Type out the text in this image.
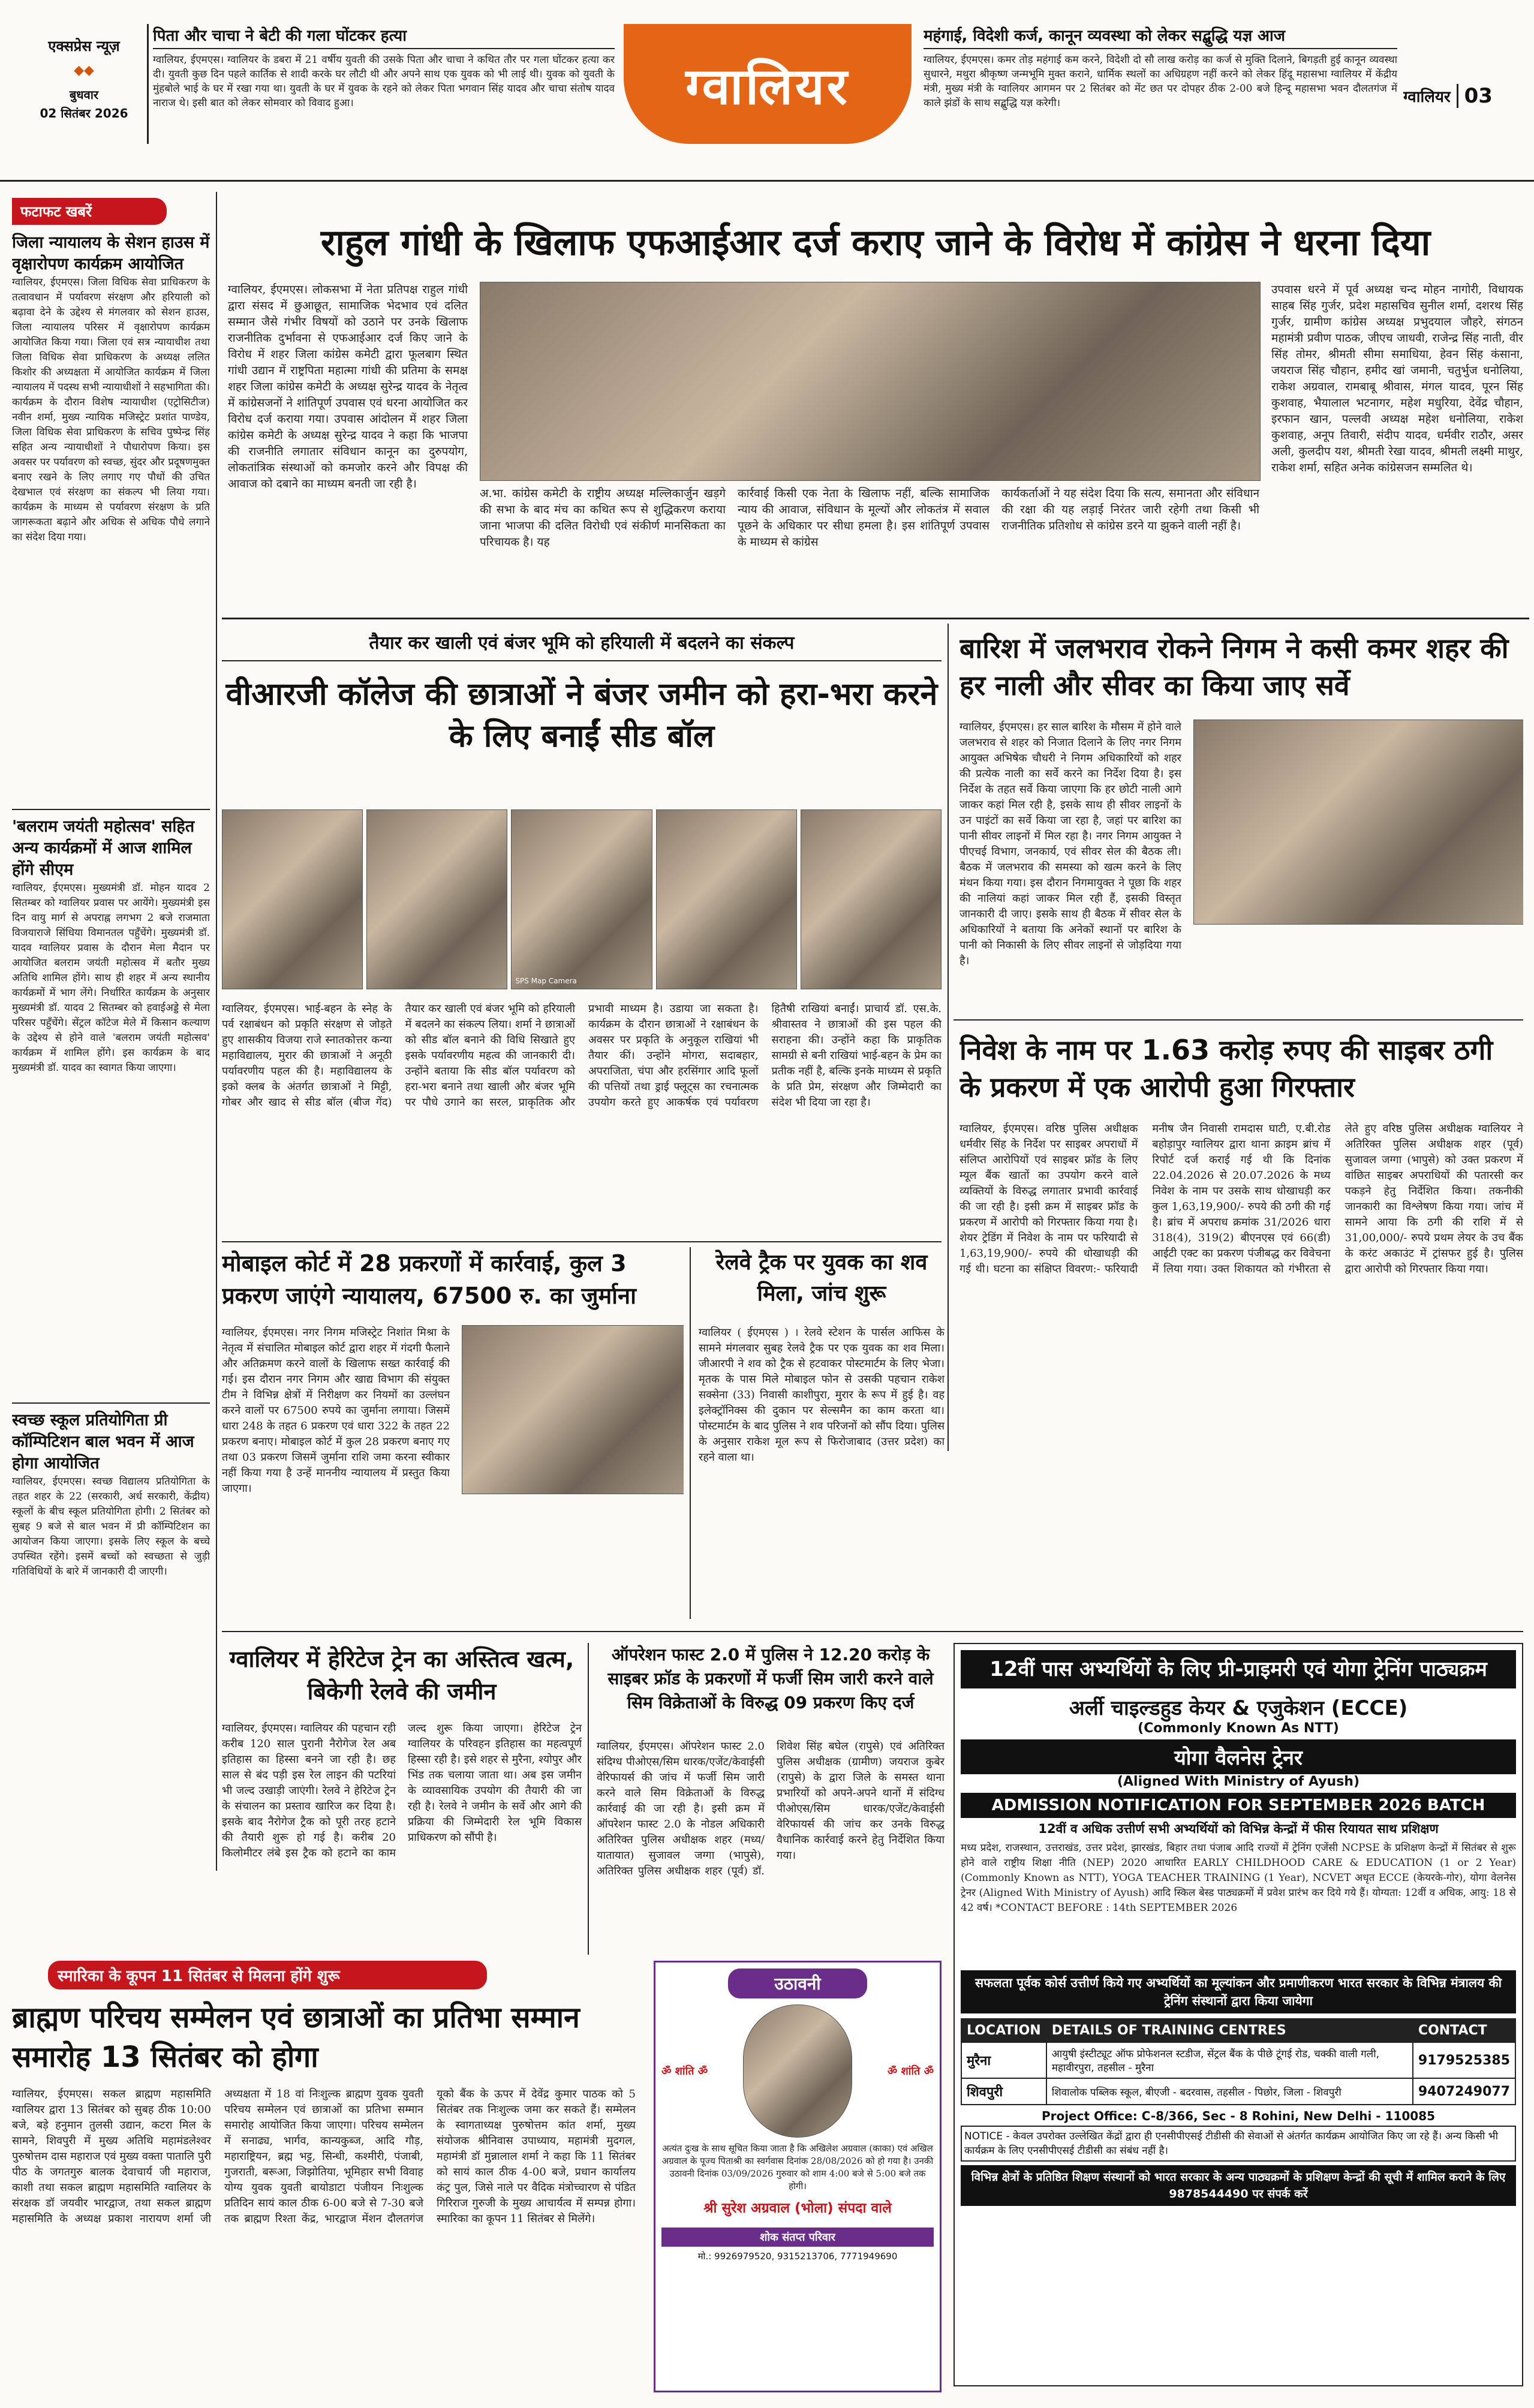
एक्सप्रेस न्यूज़
◆◆
बुधवार
02 सितंबर 2026
पिता और चाचा ने बेटी की गला घोंटकर हत्या
ग्वालियर, ईएमएस। ग्वालियर के डबरा में 21 वर्षीय युवती की उसके पिता और चाचा ने कथित तौर पर गला घोंटकर हत्या कर दी। युवती कुछ दिन पहले कार्तिक से शादी करके घर लौटी थी और अपने साथ एक युवक को भी लाई थी। युवक को युवती के मुंहबोले भाई के घर में रखा गया था। युवती के घर में युवक के रहने को लेकर पिता भगवान सिंह यादव और चाचा संतोष यादव नाराज थे। इसी बात को लेकर सोमवार को विवाद हुआ।	ग्वालियर
महंगाई, विदेशी कर्ज, कानून व्यवस्था को लेकर सद्बुद्धि यज्ञ आज
ग्वालियर, ईएमएस। कमर तोड़ महंगाई कम करने, विदेशी दो सौ लाख करोड़ का कर्ज से मुक्ति दिलाने, बिगड़ती हुई कानून व्यवस्था सुधारने, मथुरा श्रीकृष्ण जन्मभूमि मुक्त कराने, धार्मिक स्थलों का अधिग्रहण नहीं करने को लेकर हिंदू महासभा ग्वालियर में केंद्रीय मंत्री, मुख्य मंत्री के ग्वालियर आगमन पर 2 सितंबर को मेंट छत पर दोपहर ठीक 2-00 बजे हिन्दू महासभा भवन दौलतगंज में काले झंडों के साथ सद्बुद्धि यज्ञ करेगी।	ग्वालियर 03
फटाफट खबरें
जिला न्यायालय के सेशन हाउस में वृक्षारोपण कार्यक्रम आयोजित
ग्वालियर, ईएमएस। जिला विधिक सेवा प्राधिकरण के तत्वावधान में पर्यावरण संरक्षण और हरियाली को बढ़ावा देने के उद्देश्य से मंगलवार को सेशन हाउस, जिला न्यायालय परिसर में वृक्षारोपण कार्यक्रम आयोजित किया गया। जिला एवं सत्र न्यायाधीश तथा जिला विधिक सेवा प्राधिकरण के अध्यक्ष ललित किशोर की अध्यक्षता में आयोजित कार्यक्रम में जिला न्यायालय में पदस्थ सभी न्यायाधीशों ने सहभागिता की। कार्यक्रम के दौरान विशेष न्यायाधीश (एट्रोसिटीज) नवीन शर्मा, मुख्य न्यायिक मजिस्ट्रेट प्रशांत पाण्डेय, जिला विधिक सेवा प्राधिकरण के सचिव पुष्पेन्द्र सिंह सहित अन्य न्यायाधीशों ने पौधारोपण किया। इस अवसर पर पर्यावरण को स्वच्छ, सुंदर और प्रदूषणमुक्त बनाए रखने के लिए लगाए गए पौधों की उचित देखभाल एवं संरक्षण का संकल्प भी लिया गया। कार्यक्रम के माध्यम से पर्यावरण संरक्षण के प्रति जागरूकता बढ़ाने और अधिक से अधिक पौधे लगाने का संदेश दिया गया।
'बलराम जयंती महोत्सव' सहित अन्य कार्यक्रमों में आज शामिल होंगे सीएम
ग्वालियर, ईएमएस। मुख्यमंत्री डॉ. मोहन यादव 2 सितम्बर को ग्वालियर प्रवास पर आयेंगे। मुख्यमंत्री इस दिन वायु मार्ग से अपराह्न लगभग 2 बजे राजमाता विजयाराजे सिंधिया विमानतल पहुँचेंगे। मुख्यमंत्री डॉ. यादव ग्वालियर प्रवास के दौरान मेला मैदान पर आयोजित बलराम जयंती महोत्सव में बतौर मुख्य अतिथि शामिल होंगे। साथ ही शहर में अन्य स्थानीय कार्यक्रमों में भाग लेंगे। निर्धारित कार्यक्रम के अनुसार मुख्यमंत्री डॉ. यादव 2 सितम्बर को हवाईअड्डे से मेला परिसर पहुँचेंगे। सेंट्रल कॉटेज मेले में किसान कल्याण के उद्देश्य से होने वाले 'बलराम जयंती महोत्सव' कार्यक्रम में शामिल होंगे। इस कार्यक्रम के बाद मुख्यमंत्री डॉ. यादव का स्वागत किया जाएगा।
स्वच्छ स्कूल प्रतियोगिता प्री कॉम्पिटिशन बाल भवन में आज होगा आयोजित
ग्वालियर, ईएमएस। स्वच्छ विद्यालय प्रतियोगिता के तहत शहर के 22 (सरकारी, अर्ध सरकारी, केंद्रीय) स्कूलों के बीच स्कूल प्रतियोगिता होगी। 2 सितंबर को सुबह 9 बजे से बाल भवन में प्री कॉम्पिटिशन का आयोजन किया जाएगा। इसके लिए स्कूल के बच्चे उपस्थित रहेंगे। इसमें बच्चों को स्वच्छता से जुड़ी गतिविधियों के बारे में जानकारी दी जाएगी।
राहुल गांधी के खिलाफ एफआईआर दर्ज कराए जाने के विरोध में कांग्रेस ने धरना दिया
ग्वालियर, ईएमएस। लोकसभा में नेता प्रतिपक्ष राहुल गांधी द्वारा संसद में छुआछूत, सामाजिक भेदभाव एवं दलित सम्मान जैसे गंभीर विषयों को उठाने पर उनके खिलाफ राजनीतिक दुर्भावना से एफआईआर दर्ज किए जाने के विरोध में शहर जिला कांग्रेस कमेटी द्वारा फूलबाग स्थित गांधी उद्यान में राष्ट्रपिता महात्मा गांधी की प्रतिमा के समक्ष शहर जिला कांग्रेस कमेटी के अध्यक्ष सुरेन्द्र यादव के नेतृत्व में कांग्रेसजनों ने शांतिपूर्ण उपवास एवं धरना आयोजित कर विरोध दर्ज कराया गया। उपवास आंदोलन में शहर जिला कांग्रेस कमेटी के अध्यक्ष सुरेन्द्र यादव ने कहा कि भाजपा की राजनीति लगातार संविधान कानून का दुरुपयोग, लोकतांत्रिक संस्थाओं को कमजोर करने और विपक्ष की आवाज को दबाने का माध्यम बनती जा रही है।
अ.भा. कांग्रेस कमेटी के राष्ट्रीय अध्यक्ष मल्लिकार्जुन खड़गे की सभा के बाद मंच का कथित रूप से शुद्धिकरण कराया जाना भाजपा की दलित विरोधी एवं संकीर्ण मानसिकता का परिचायक है। यह
कार्रवाई किसी एक नेता के खिलाफ नहीं, बल्कि सामाजिक न्याय की आवाज, संविधान के मूल्यों और लोकतंत्र में सवाल पूछने के अधिकार पर सीधा हमला है। इस शांतिपूर्ण उपवास के माध्यम से कांग्रेस
कार्यकर्ताओं ने यह संदेश दिया कि सत्य, समानता और संविधान की रक्षा की यह लड़ाई निरंतर जारी रहेगी तथा किसी भी राजनीतिक प्रतिशोध से कांग्रेस डरने या झुकने वाली नहीं है।
उपवास धरने में पूर्व अध्यक्ष चन्द मोहन नागोरी, विधायक साहब सिंह गुर्जर, प्रदेश महासचिव सुनील शर्मा, दशरथ सिंह गुर्जर, ग्रामीण कांग्रेस अध्यक्ष प्रभुदयाल जौहरे, संगठन महामंत्री प्रवीण पाठक, जीएच जाधवी, राजेन्द्र सिंह नाती, वीर सिंह तोमर, श्रीमती सीमा समाधिया, हेवन सिंह कंसाना, जयराज सिंह चौहान, हमीद खां जमानी, चतुर्भुज धनोलिया, राकेश अग्रवाल, रामबाबू श्रीवास, मंगल यादव, पूरन सिंह कुशवाह, भैयालाल भटनागर, महेश मधुरिया, देवेंद्र चौहान, इरफान खान, पल्लवी अध्यक्ष महेश धनोलिया, राकेश कुशवाह, अनूप तिवारी, संदीप यादव, धर्मवीर राठौर, असर अली, कुलदीप यश, श्रीमती रेखा यादव, श्रीमती लक्ष्मी माथुर, राकेश शर्मा, सहित अनेक कांग्रेसजन सम्मलित थे।
तैयार कर खाली एवं बंजर भूमि को हरियाली में बदलने का संकल्प
वीआरजी कॉलेज की छात्राओं ने बंजर जमीन को हरा-भरा करने के लिए बनाईं सीड बॉल
SPS Map Camera
ग्वालियर, ईएमएस। भाई-बहन के स्नेह के पर्व रक्षाबंधन को प्रकृति संरक्षण से जोड़ते हुए शासकीय विजया राजे स्नातकोत्तर कन्या महाविद्यालय, मुरार की छात्राओं ने अनूठी पर्यावरणीय पहल की है। महाविद्यालय के इको क्लब के अंतर्गत छात्राओं ने मिट्टी, गोबर और खाद से सीड बॉल (बीज गेंद) तैयार कर खाली एवं बंजर भूमि को हरियाली में बदलने का संकल्प लिया। शर्मा ने छात्राओं को सीड बॉल बनाने की विधि सिखाते हुए इसके पर्यावरणीय महत्व की जानकारी दी। उन्होंने बताया कि सीड बॉल पर्यावरण को हरा-भरा बनाने तथा खाली और बंजर भूमि पर पौधे उगाने का सरल, प्राकृतिक और प्रभावी माध्यम है। उडाया जा सकता है। कार्यक्रम के दौरान छात्राओं ने रक्षाबंधन के अवसर पर प्रकृति के अनुकूल राखियां भी तैयार कीं। उन्होंने मोगरा, सदाबहार, अपराजिता, चंपा और हरसिंगार आदि फूलों की पत्तियों तथा ड्राई फ्लूट्स का रचनात्मक उपयोग करते हुए आकर्षक एवं पर्यावरण हितैषी राखियां बनाईं। प्राचार्य डॉ. एस.के. श्रीवास्तव ने छात्राओं की इस पहल की सराहना की। उन्होंने कहा कि प्राकृतिक सामग्री से बनी राखियां भाई-बहन के प्रेम का प्रतीक नहीं है, बल्कि इनके माध्यम से प्रकृति के प्रति प्रेम, संरक्षण और जिम्मेदारी का संदेश भी दिया जा रहा है।
बारिश में जलभराव रोकने निगम ने कसी कमर शहर की हर नाली और सीवर का किया जाए सर्वे
ग्वालियर, ईएमएस। हर साल बारिश के मौसम में होने वाले जलभराव से शहर को निजात दिलाने के लिए नगर निगम आयुक्त अभिषेक चौधरी ने निगम अधिकारियों को शहर की प्रत्येक नाली का सर्वे करने का निर्देश दिया है। इस निर्देश के तहत सर्वे किया जाएगा कि हर छोटी नाली आगे जाकर कहां मिल रही है, इसके साथ ही सीवर लाइनों के उन पाइंटों का सर्वे किया जा रहा है, जहां पर बारिश का पानी सीवर लाइनों में मिल रहा है। नगर निगम आयुक्त ने पीएचई विभाग, जनकार्य, एवं सीवर सेल की बैठक ली। बैठक में जलभराव की समस्या को खत्म करने के लिए मंथन किया गया। इस दौरान निगमायुक्त ने पूछा कि शहर की नालियां कहां जाकर मिल रही हैं, इसकी विस्तृत जानकारी दी जाए। इसके साथ ही बैठक में सीवर सेल के अधिकारियों ने बताया कि अनेकों स्थानों पर बारिश के पानी को निकासी के लिए सीवर लाइनों से जोड़दिया गया है।
निवेश के नाम पर 1.63 करोड़ रुपए की साइबर ठगी के प्रकरण में एक आरोपी हुआ गिरफ्तार
ग्वालियर, ईएमएस। वरिष्ठ पुलिस अधीक्षक धर्मवीर सिंह के निर्देश पर साइबर अपराधों में संलिप्त आरोपियों एवं साइबर फ्रॉड के लिए म्यूल बैंक खातों का उपयोग करने वाले व्यक्तियों के विरुद्ध लगातार प्रभावी कार्रवाई की जा रही है। इसी क्रम में साइबर फ्रॉड के प्रकरण में आरोपी को गिरफ्तार किया गया है। शेयर ट्रेडिंग में निवेश के नाम पर फरियादी से 1,63,19,900/- रुपये की धोखाधड़ी की गई थी। घटना का संक्षिप्त विवरण:- फरियादी मनीष जैन निवासी रामदास घाटी, ए.बी.रोड बहोड़ापुर ग्वालियर द्वारा थाना क्राइम ब्रांच में रिपोर्ट दर्ज कराई गई थी कि दिनांक 22.04.2026 से 20.07.2026 के मध्य निवेश के नाम पर उसके साथ धोखाधड़ी कर कुल 1,63,19,900/- रुपये की ठगी की गई है। ब्रांच में अपराध क्रमांक 31/2026 धारा 318(4), 319(2) बीएनएस एवं 66(डी) आईटी एक्ट का प्रकरण पंजीबद्ध कर विवेचना में लिया गया। उक्त शिकायत को गंभीरता से लेते हुए वरिष्ठ पुलिस अधीक्षक ग्वालियर ने अतिरिक्त पुलिस अधीक्षक शहर (पूर्व) सुजावल जग्गा (भापुसे) को उक्त प्रकरण में वांछित साइबर अपराधियों की पतारसी कर पकड़ने हेतु निर्देशित किया। तकनीकी जानकारी का विश्लेषण किया गया। जांच में सामने आया कि ठगी की राशि में से 31,00,000/- रुपये प्रथम लेयर के उच बैंक के करंट अकाउंट में ट्रांसफर हुई है। पुलिस द्वारा आरोपी को गिरफ्तार किया गया।
मोबाइल कोर्ट में 28 प्रकरणों में कार्रवाई, कुल 3 प्रकरण जाएंगे न्यायालय, 67500 रु. का जुर्माना
ग्वालियर, ईएमएस। नगर निगम मजिस्ट्रेट निशांत मिश्रा के नेतृत्व में संचालित मोबाइल कोर्ट द्वारा शहर में गंदगी फैलाने और अतिक्रमण करने वालों के खिलाफ सख्त कार्रवाई की गई। इस दौरान नगर निगम और खाद्य विभाग की संयुक्त टीम ने विभिन्न क्षेत्रों में निरीक्षण कर नियमों का उल्लंघन करने वालों पर 67500 रुपये का जुर्माना लगाया। जिसमें धारा 248 के तहत 6 प्रकरण एवं धारा 322 के तहत 22 प्रकरण बनाए। मोबाइल कोर्ट में कुल 28 प्रकरण बनाए गए तथा 03 प्रकरण जिसमें जुर्माना राशि जमा करना स्वीकार नहीं किया गया है उन्हें माननीय न्यायालय में प्रस्तुत किया जाएगा।
रेलवे ट्रैक पर युवक का शव मिला, जांच शुरू
ग्वालियर ( ईएमएस ) । रेलवे स्टेशन के पार्सल आफिस के सामने मंगलवार सुबह रेलवे ट्रैक पर एक युवक का शव मिला। जीआरपी ने शव को ट्रैक से हटवाकर पोस्टमार्टम के लिए भेजा। मृतक के पास मिले मोबाइल फोन से उसकी पहचान राकेश सक्सेना (33) निवासी काशीपुरा, मुरार के रूप में हुई है। वह इलेक्ट्रॉनिक्स की दुकान पर सेल्समैन का काम करता था। पोस्टमार्टम के बाद पुलिस ने शव परिजनों को सौंप दिया। पुलिस के अनुसार राकेश मूल रूप से फिरोजाबाद (उत्तर प्रदेश) का रहने वाला था।
ग्वालियर में हेरिटेज ट्रेन का अस्तित्व खत्म, बिकेगी रेलवे की जमीन
ग्वालियर, ईएमएस। ग्वालियर की पहचान रही करीब 120 साल पुरानी नैरोगेज रेल अब इतिहास का हिस्सा बनने जा रही है। छह साल से बंद पड़ी इस रेल लाइन की पटरियां भी जल्द उखाड़ी जाएंगी। रेलवे ने हेरिटेज ट्रेन के संचालन का प्रस्ताव खारिज कर दिया है। इसके बाद नैरोगेज ट्रैक को पूरी तरह हटाने की तैयारी शुरू हो गई है। करीब 20 किलोमीटर लंबे इस ट्रैक को हटाने का काम जल्द शुरू किया जाएगा। हेरिटेज ट्रेन ग्वालियर के परिवहन इतिहास का महत्वपूर्ण हिस्सा रही है। इसे शहर से मुरैना, श्योपुर और भिंड तक चलाया जाता था। अब इस जमीन के व्यावसायिक उपयोग की तैयारी की जा रही है। रेलवे ने जमीन के सर्वे और आगे की प्रक्रिया की जिम्मेदारी रेल भूमि विकास प्राधिकरण को सौंपी है।
ऑपरेशन फास्ट 2.0 में पुलिस ने 12.20 करोड़ के साइबर फ्रॉड के प्रकरणों में फर्जी सिम जारी करने वाले सिम विक्रेताओं के विरुद्ध 09 प्रकरण किए दर्ज
ग्वालियर, ईएमएस। ऑपरेशन फास्ट 2.0 संदिग्ध पीओएस/सिम धारक/एजेंट/केवाईसी वेरिफायर्स की जांच में फर्जी सिम जारी करने वाले सिम विक्रेताओं के विरुद्ध कार्रवाई की जा रही है। इसी क्रम में ऑपरेशन फास्ट 2.0 के नोडल अधिकारी अतिरिक्त पुलिस अधीक्षक शहर (मध्य/यातायात) सुजावल जग्गा (भापुसे), अतिरिक्त पुलिस अधीक्षक शहर (पूर्व) डॉ. शिवेश सिंह बघेल (रापुसे) एवं अतिरिक्त पुलिस अधीक्षक (ग्रामीण) जयराज कुबेर (रापुसे) के द्वारा जिले के समस्त थाना प्रभारियों को अपने-अपने थानों में संदिग्ध पीओएस/सिम धारक/एजेंट/केवाईसी वेरिफायर्स की जांच कर उनके विरुद्ध वैधानिक कार्रवाई करने हेतु निर्देशित किया गया।
12वीं पास अभ्यर्थियों के लिए प्री-प्राइमरी एवं योगा ट्रेनिंग पाठ्यक्रम
अर्ली चाइल्डहुड केयर & एजुकेशन (ECCE)
(Commonly Known As NTT)
योगा वैलनेस ट्रेनर
(Aligned With Ministry of Ayush)
ADMISSION NOTIFICATION FOR SEPTEMBER 2026 BATCH
12वीं व अधिक उत्तीर्ण सभी अभ्यर्थियों को विभिन्न केन्द्रों में फीस रियायत साथ प्रशिक्षण
मध्य प्रदेश, राजस्थान, उत्तराखंड, उत्तर प्रदेश, झारखंड, बिहार तथा पंजाब आदि राज्यों में ट्रेनिंग एजेंसी NCPSE के प्रशिक्षण केन्द्रों में सितंबर से शुरू होने वाले राष्ट्रीय शिक्षा नीति (NEP) 2020 आधारित EARLY CHILDHOOD CARE & EDUCATION (1 or 2 Year) (Commonly Known as NTT), YOGA TEACHER TRAINING (1 Year), NCVET अधृत ECCE (केयरके-गोर), योगा वेलनेस ट्रेनर (Aligned With Ministry of Ayush) आदि स्किल बेस्ड पाठ्यक्रमों में प्रवेश प्रारंभ कर दिये गये हैं। योग्यता: 12वीं व अधिक, आयु: 18 से 42 वर्ष। *CONTACT BEFORE : 14th SEPTEMBER 2026
सफलता पूर्वक कोर्स उत्तीर्ण किये गए अभ्यर्थियों का मूल्यांकन और प्रमाणीकरण भारत सरकार के विभिन्न मंत्रालय की ट्रेनिंग संस्थानों द्वारा किया जायेगा
LOCATION	DETAILS OF TRAINING CENTRES	CONTACT
मुरैना	आयुषी इंस्टीट्यूट ऑफ प्रोफेशनल स्टडीज, सेंट्रल बैंक के पीछे टूंगई रोड, चक्की वाली गली, महावीरपुरा, तहसील - मुरैना	9179525385
शिवपुरी	शिवालोक पब्लिक स्कूल, बीएजी - बदरवास, तहसील - पिछोर, जिला - शिवपुरी	9407249077
Project Office: C-8/366, Sec - 8 Rohini, New Delhi - 110085
NOTICE - केवल उपरोक्त उल्लेखित केंद्रों द्वारा ही एनसीपीएसई टीडीसी की सेवाओं से अंतर्गत कार्यक्रम आयोजित किए जा रहे हैं। अन्य किसी भी कार्यक्रम के लिए एनसीपीएसई टीडीसी का संबंध नहीं है।
विभिन्न क्षेत्रों के प्रतिष्ठित शिक्षण संस्थानों को भारत सरकार के अन्य पाठ्यक्रमों के प्रशिक्षण केन्द्रों की सूची में शामिल कराने के लिए 9878544490 पर संपर्क करें
स्मारिका के कूपन 11 सितंबर से मिलना होंगे शुरू
ब्राह्मण परिचय सम्मेलन एवं छात्राओं का प्रतिभा सम्मान समारोह 13 सितंबर को होगा
ग्वालियर, ईएमएस। सकल ब्राह्मण महासमिति ग्वालियर द्वारा 13 सितंबर को सुबह ठीक 10:00 बजे, बड़े हनुमान तुलसी उद्यान, कटरा मिल के सामने, शिवपुरी में मुख्य अतिथि महामंडलेश्वर पुरुषोत्तम दास महाराज एवं मुख्य वक्ता पातालि पुरी पीठ के जगतगुरु बालक देवाचार्य जी महाराज, काशी तथा सकल ब्राह्मण महासमिति ग्वालियर के संरक्षक डॉ जयवीर भारद्वाज, तथा सकल ब्राह्मण महासमिति के अध्यक्ष प्रकाश नारायण शर्मा जी अध्यक्षता में 18 वां निःशुल्क ब्राह्मण युवक युवती परिचय सम्मेलन एवं छात्राओं का प्रतिभा सम्मान समारोह आयोजित किया जाएगा। परिचय सम्मेलन में सनाढ्य, भार्गव, कान्यकुब्ज, आदि गौड़, महाराष्ट्रियन, ब्रह्म भट्ट, सिन्धी, कश्मीरी, पंजाबी, गुजराती, बरूआ, जिझोतिया, भूमिहार सभी विवाह योग्य युवक युवती बायोडाटा पंजीयन निःशुल्क प्रतिदिन सायं काल ठीक 6-00 बजे से 7-30 बजे तक ब्राह्मण रिश्ता केंद्र, भारद्वाज मेंशन दौलतगंज यूको बैंक के ऊपर में देवेंद्र कुमार पाठक को 5 सितंबर तक निःशुल्क जमा कर सकते हैं। सम्मेलन के स्वागताध्यक्ष पुरुषोत्तम कांत शर्मा, मुख्य संयोजक श्रीनिवास उपाध्याय, महामंत्री मुदगल, महामंत्री डॉ मुन्नालाल शर्मा ने कहा कि 11 सितंबर को सायं काल ठीक 4-00 बजे, प्रधान कार्यालय कंट्र पुल, जिसे नाले पर वैदिक मंत्रोच्चारण से पंडित गिरिराज गुरुजी के मुख्य आचार्यत्व में सम्पन्न होगा। स्मारिका का कूपन 11 सितंबर से मिलेंगे।
उठावनी
ॐ शांति ॐ	ॐ शांति ॐ
अत्यंत दुःख के साथ सूचित किया जाता है कि अखिलेश अग्रवाल (काका) एवं अखिल अग्रवाल के पूज्य पिताश्री का स्वर्गवास दिनांक 28/08/2026 को हो गया है। उनकी उठावनी दिनांक 03/09/2026 गुरुवार को शाम 4:00 बजे से 5:00 बजे तक होगी।
श्री सुरेश अग्रवाल (भोला) संपदा वाले
शोक संतप्त परिवार
मो.: 9926979520, 9315213706, 7771949690
